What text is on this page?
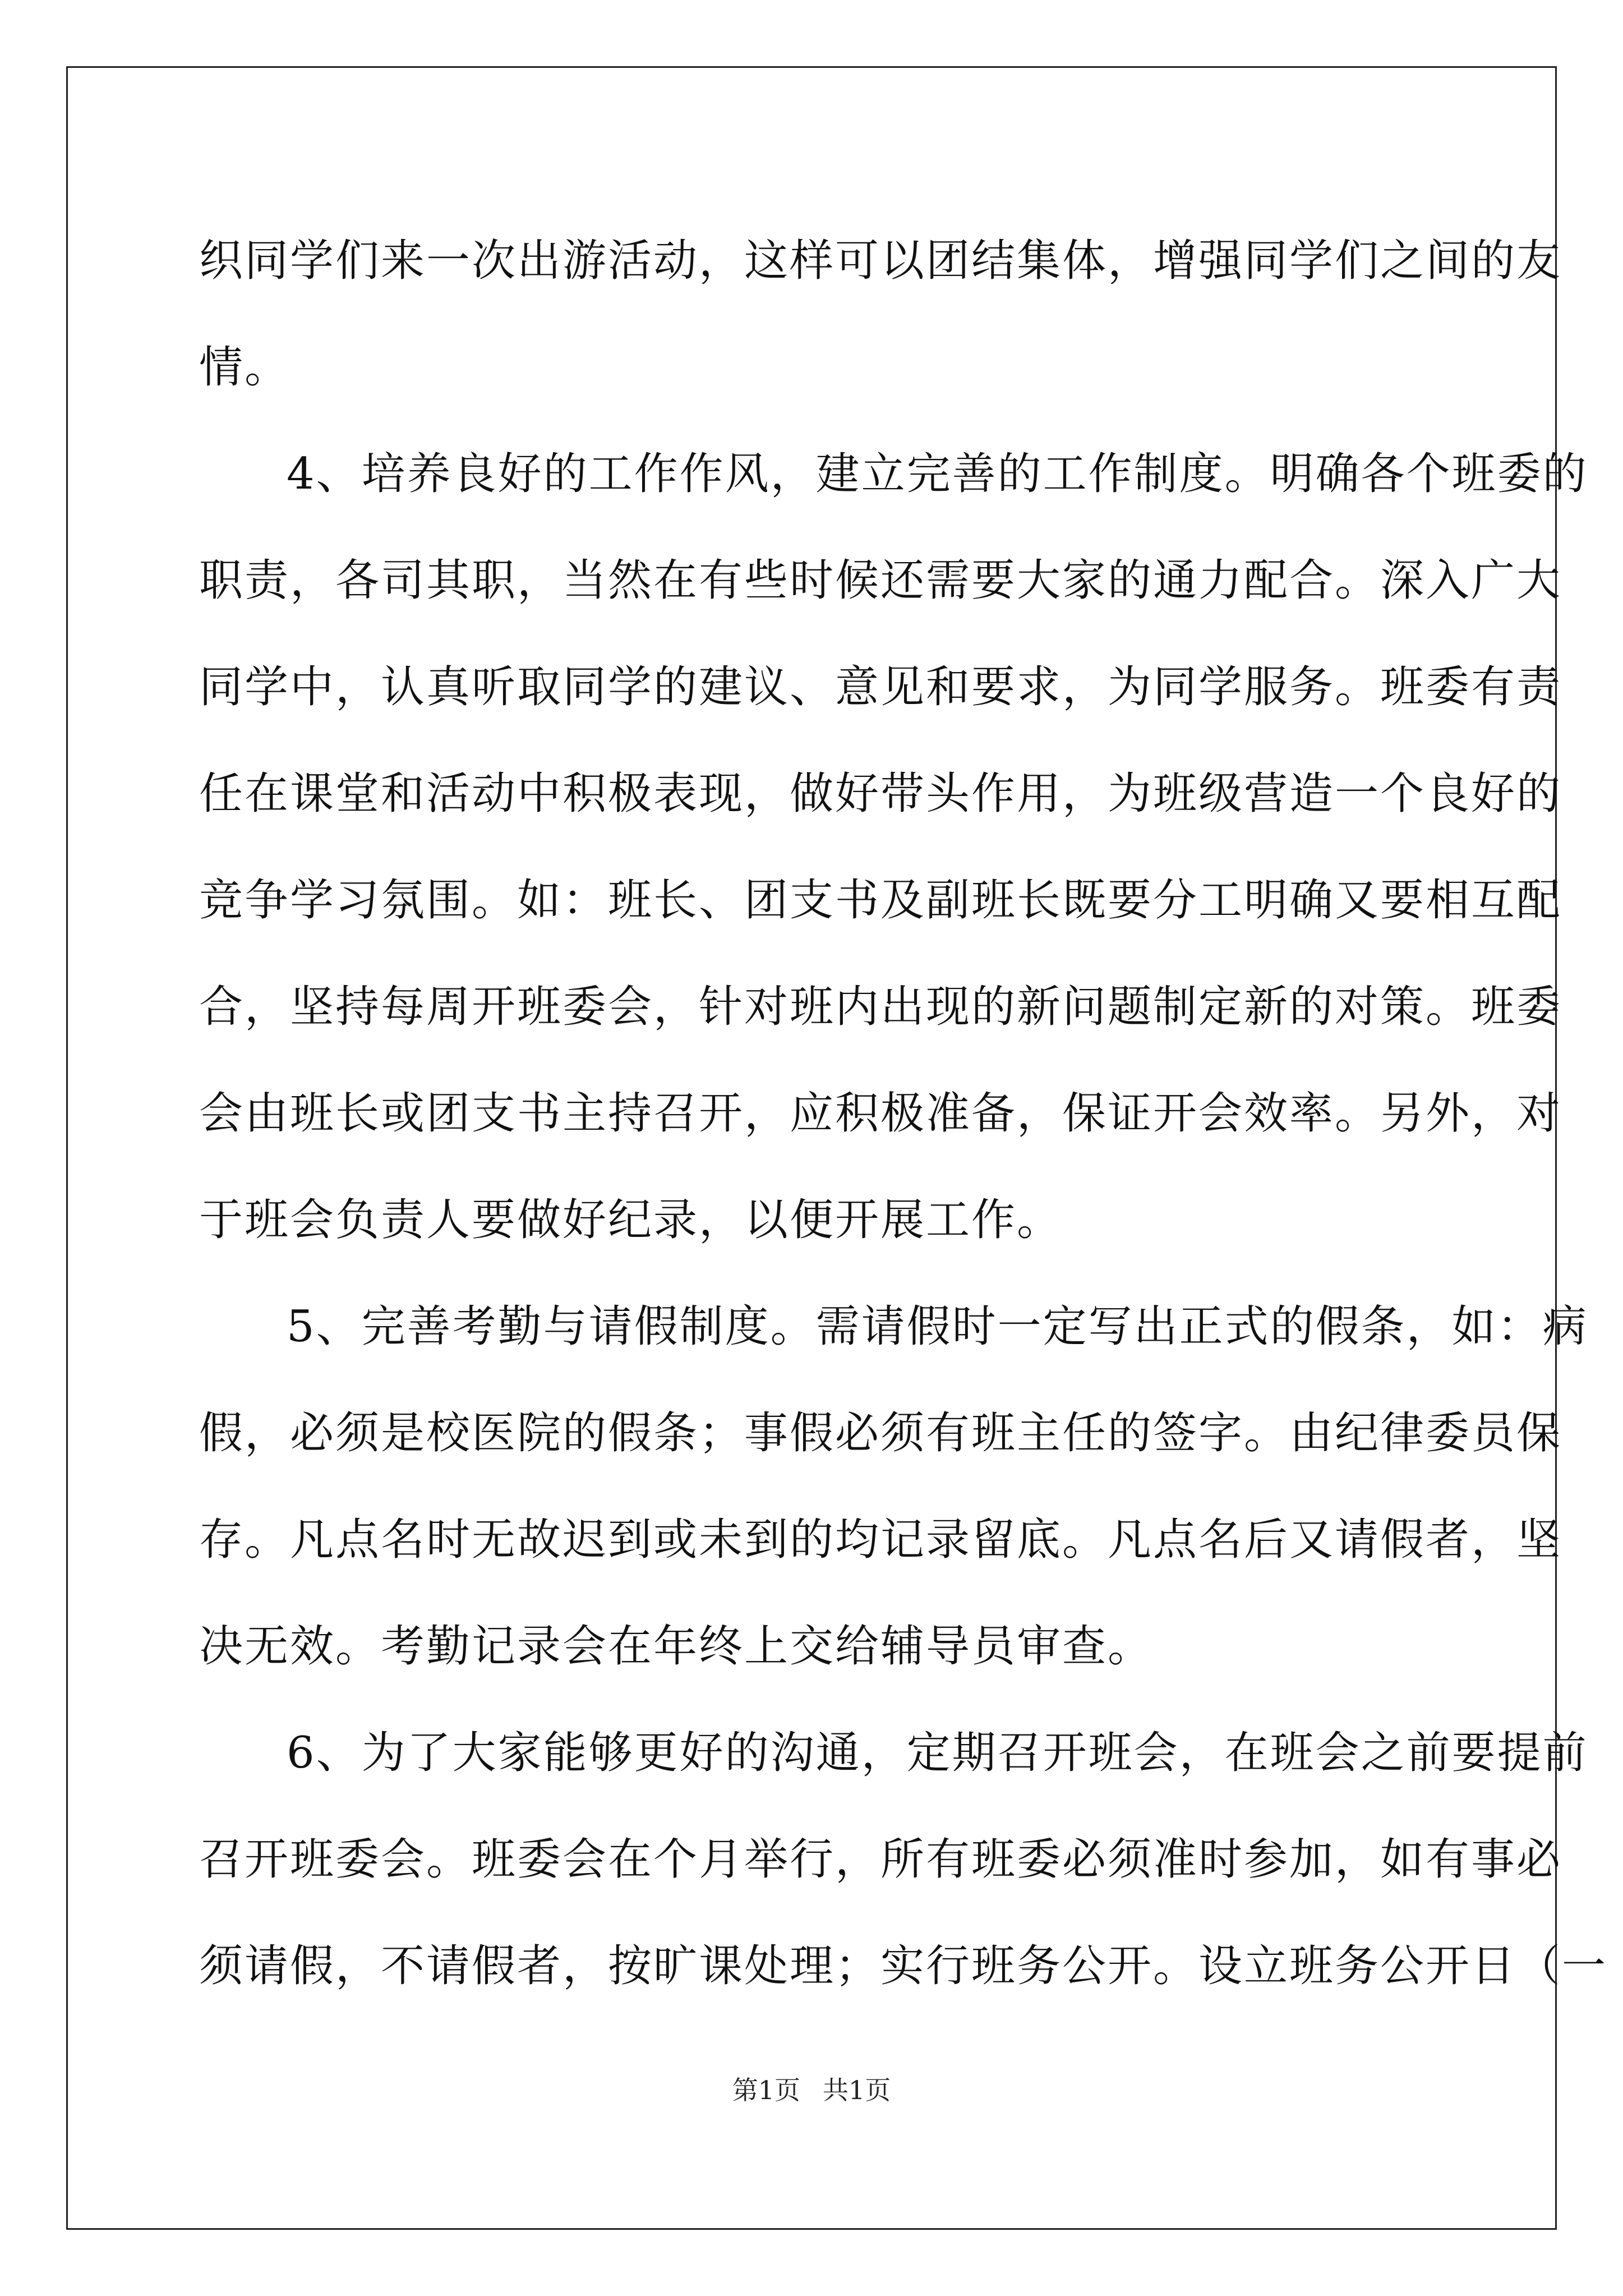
织同学们来一次出游活动，这样可以团结集体，增强同学们之间的友
情。
4、培养良好的工作作风，建立完善的工作制度。明确各个班委的
职责，各司其职，当然在有些时候还需要大家的通力配合。深入广大
同学中，认真听取同学的建议、意见和要求，为同学服务。班委有责
任在课堂和活动中积极表现，做好带头作用，为班级营造一个良好的
竞争学习氛围。如：班长、团支书及副班长既要分工明确又要相互配
合，坚持每周开班委会，针对班内出现的新问题制定新的对策。班委
会由班长或团支书主持召开，应积极准备，保证开会效率。另外，对
于班会负责人要做好纪录，以便开展工作。
5、完善考勤与请假制度。需请假时一定写出正式的假条，如：病
假，必须是校医院的假条；事假必须有班主任的签字。由纪律委员保
存。凡点名时无故迟到或未到的均记录留底。凡点名后又请假者，坚
决无效。考勤记录会在年终上交给辅导员审查。
6、为了大家能够更好的沟通，定期召开班会，在班会之前要提前
召开班委会。班委会在个月举行，所有班委必须准时参加，如有事必
须请假，不请假者，按旷课处理；实行班务公开。设立班务公开日（一
第1页 共1页
